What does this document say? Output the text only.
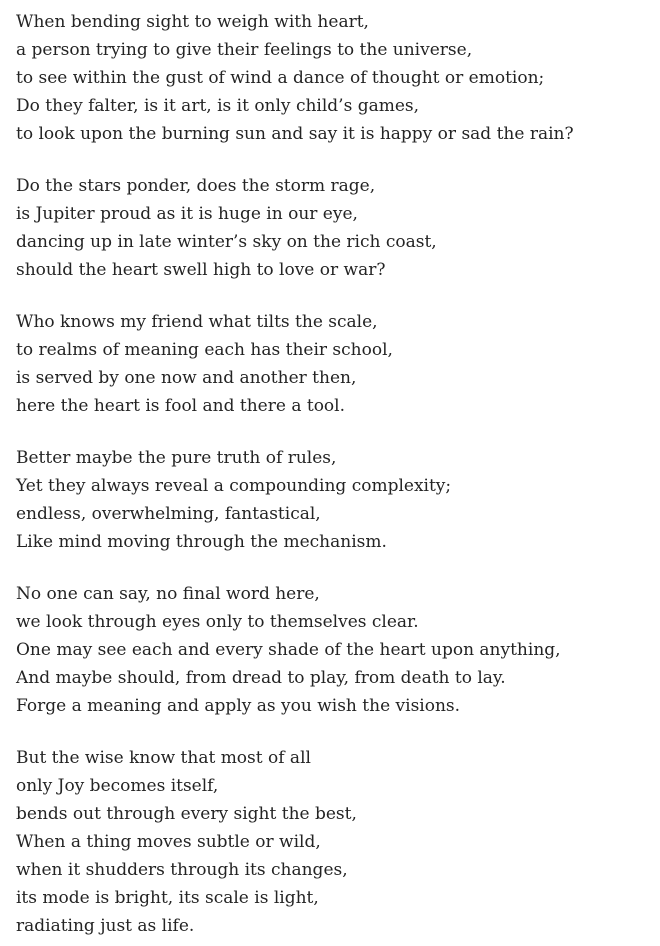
When bending sight to weigh with heart,
a person trying to give their feelings to the universe,
to see within the gust of wind a dance of thought or emotion;
Do they falter, is it art, is it only child’s games,
to look upon the burning sun and say it is happy or sad the rain?
Do the stars ponder, does the storm rage,
is Jupiter proud as it is huge in our eye,
dancing up in late winter’s sky on the rich coast,
should the heart swell high to love or war?
Who knows my friend what tilts the scale,
to realms of meaning each has their school,
is served by one now and another then,
here the heart is fool and there a tool.
Better maybe the pure truth of rules,
Yet they always reveal a compounding complexity;
endless, overwhelming, fantastical,
Like mind moving through the mechanism.
No one can say, no final word here,
we look through eyes only to themselves clear.
One may see each and every shade of the heart upon anything,
And maybe should, from dread to play, from death to lay.
Forge a meaning and apply as you wish the visions.
But the wise know that most of all
only Joy becomes itself,
bends out through every sight the best,
When a thing moves subtle or wild,
when it shudders through its changes,
its mode is bright, its scale is light,
radiating just as life.
